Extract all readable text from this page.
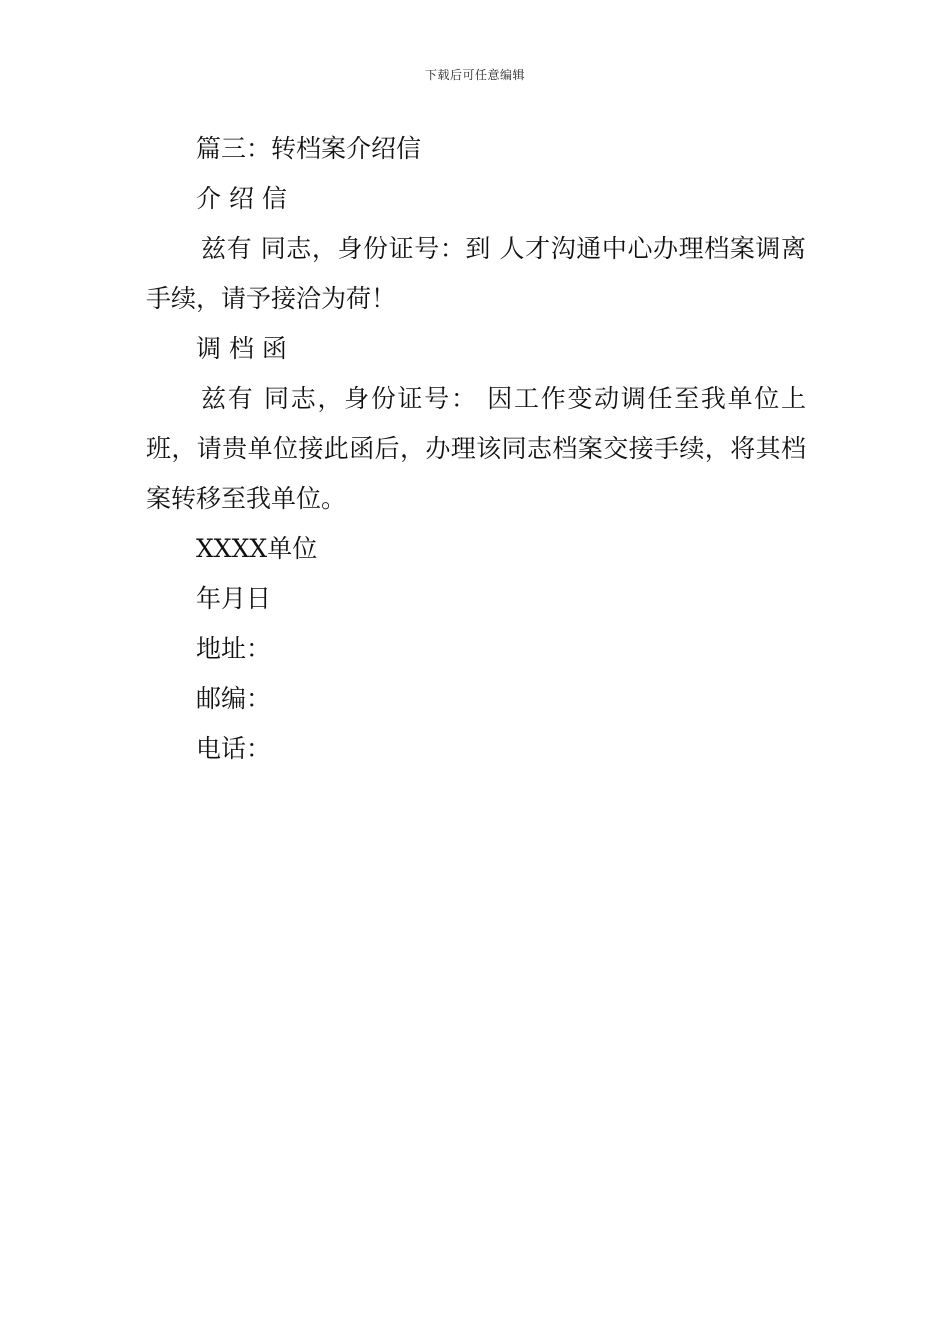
下载后可任意编辑

篇三：转档案介绍信

介 绍 信

兹有 同志，身份证号：到 人才沟通中心办理档案调离手续，请予接洽为荷！

调 档 函

兹有 同志，身份证号： 因工作变动调任至我单位上班，请贵单位接此函后，办理该同志档案交接手续，将其档案转移至我单位。

XXXX单位

年月日

地址：

邮编：

电话：
